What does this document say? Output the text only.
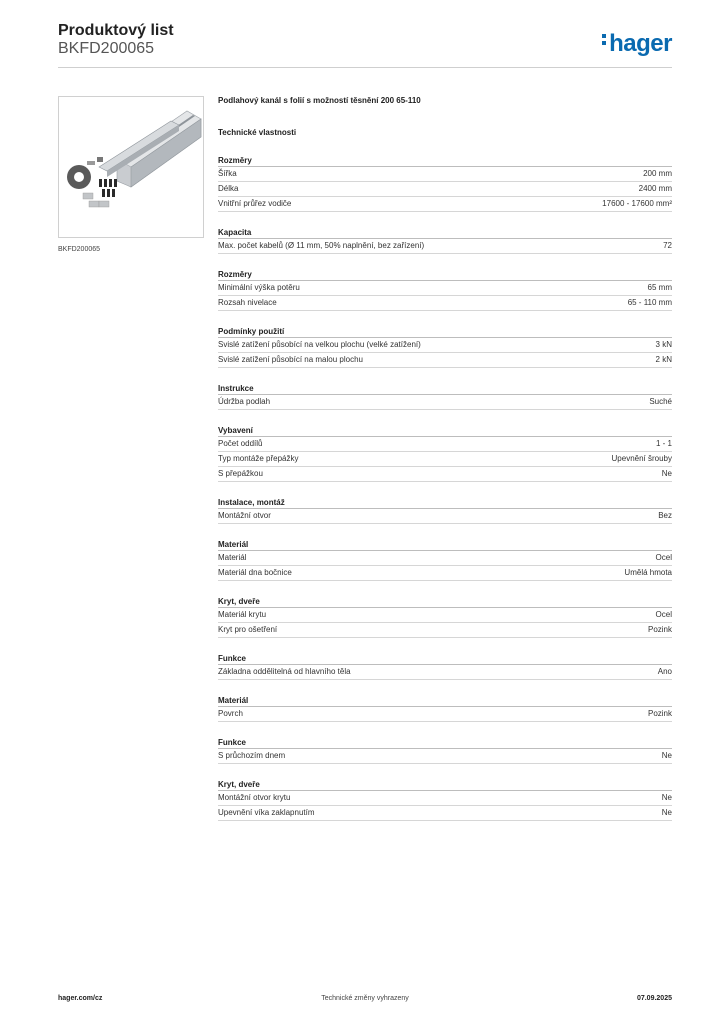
Produktový list
BKFD200065	hager
BKFD200065
Podlahový kanál s folií s možností těsnění 200 65-110
Technické vlastnosti
Rozměry
Šířka	200 mm
Délka	2400 mm
Vnitřní průřez vodiče	17600 - 17600 mm²
Kapacita
Max. počet kabelů (Ø 11 mm, 50% naplnění, bez zařízení)	72
Rozměry
Minimální výška potěru	65 mm
Rozsah nivelace	65 - 110 mm
Podmínky použití
Svislé zatížení působící na velkou plochu (velké zatížení)	3 kN
Svislé zatížení působící na malou plochu	2 kN
Instrukce
Údržba podlah	Suché
Vybavení
Počet oddílů	1 - 1
Typ montáže přepážky	Upevnění šrouby
S přepážkou	Ne
Instalace, montáž
Montážní otvor	Bez
Materiál
Materiál	Ocel
Materiál dna bočnice	Umělá hmota
Kryt, dveře
Materiál krytu	Ocel
Kryt pro ošetření	Pozink
Funkce
Základna oddělitelná od hlavního těla	Ano
Materiál
Povrch	Pozink
Funkce
S průchozím dnem	Ne
Kryt, dveře
Montážní otvor krytu	Ne
Upevnění víka zaklapnutím	Ne
hager.com/cz	Technické změny vyhrazeny	07.09.2025
